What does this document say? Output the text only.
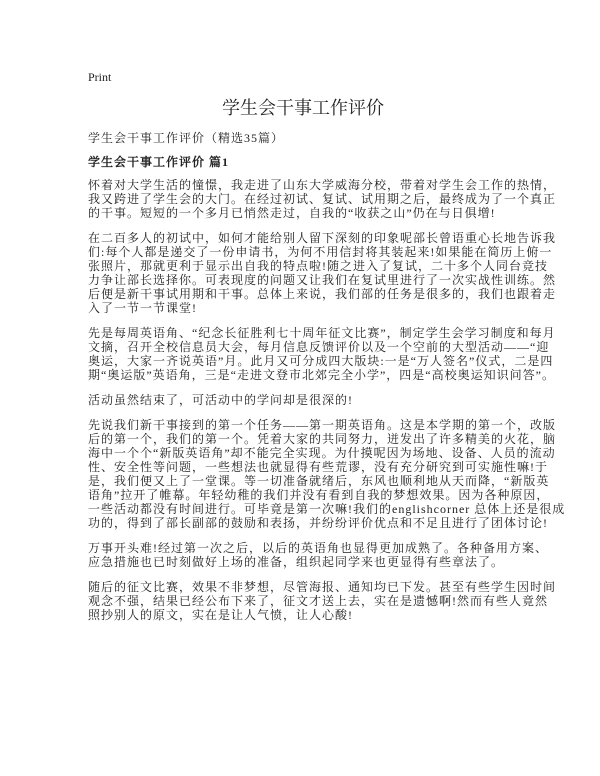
Print
学生会干事工作评价
学生会干事工作评价（精选35篇）
学生会干事工作评价 篇1
怀着对大学生活的憧憬，我走进了山东大学威海分校，带着对学生会工作的热情，
我又跨进了学生会的大门。在经过初试、复试、试用期之后，最终成为了一个真正
的干事。短短的一个多月已悄然走过，自我的“收获之山”仍在与日俱增!
在二百多人的初试中，如何才能给别人留下深刻的印象呢部长曾语重心长地告诉我
们:每个人都是递交了一份申请书，为何不用信封将其装起来!如果能在简历上俯一
张照片，那就更利于显示出自我的特点啦!随之进入了复试，二十多个人同台竞技
力争让部长选择你。可表现度的问题又让我们在复试里进行了一次实战性训练。然
后便是新干事试用期和干事。总体上来说，我们部的任务是很多的，我们也跟着走
入了一节一节课堂!
先是每周英语角、“纪念长征胜利七十周年征文比赛”，制定学生会学习制度和每月
文摘，召开全校信息员大会，每月信息反馈评价以及一个空前的大型活动——“迎
奥运，大家一齐说英语”月。此月又可分成四大版块:一是“万人签名”仪式，二是四
期“奥运版”英语角，三是“走进文登市北郊完全小学”，四是“高校奥运知识问答”。
活动虽然结束了，可活动中的学问却是很深的!
先说我们新干事接到的第一个任务——第一期英语角。这是本学期的第一个，改版
后的第一个，我们的第一个。凭着大家的共同努力，迸发出了许多精美的火花，脑
海中一个个“新版英语角”却不能完全实现。为什摸呢因为场地、设备、人员的流动
性、安全性等问题，一些想法也就显得有些荒谬，没有充分研究到可实施性嘛!于
是，我们便又上了一堂课。等一切准备就绪后，东风也顺利地从天而降，“新版英
语角”拉开了帷幕。年轻幼稚的我们并没有看到自我的梦想效果。因为各种原因，
一些活动都没有时间进行。可毕竟是第一次嘛!我们的englishcorner 总体上还是很成
功的，得到了部长副部的鼓励和表扬，并纷纷评价优点和不足且进行了团体讨论!
万事开头难!经过第一次之后，以后的英语角也显得更加成熟了。各种备用方案、
应急措施也已时刻做好上场的准备，组织起同学来也更显得有些章法了。
随后的征文比赛，效果不非梦想，尽管海报、通知均已下发。甚至有些学生因时间
观念不强，结果已经公布下来了，征文才送上去，实在是遗憾啊!然而有些人竟然
照抄别人的原文，实在是让人气愤，让人心酸!
